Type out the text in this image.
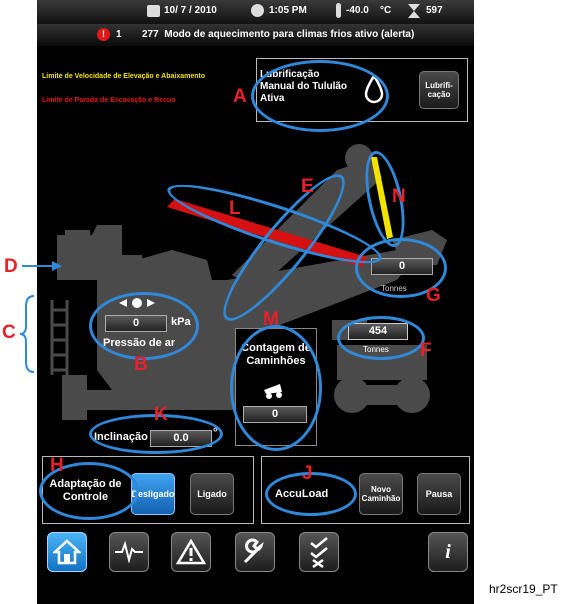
10/ 7 / 2010	1:05 PM	-40.0 °C	597
!	1 277  Modo de aquecimento para climas frios ativo (alerta)
Limite de Velocidade de Elevação e Abaixamento
Limite de Parada de Escavação e Recuo
Lubrificação Manual do Tululão Ativa
Lubrifi-cação
0
Tonnes
0	kPa
Pressão de ar
454
Tonnes
Contagem de Caminhões
0
Inclinação	0.0	°
Adaptação de Controle	Desligado	Ligado	AccuLoad	Novo Caminhão	Pausa
i
A
B
E
F
G
H	J
K
L
M
N
D
C
hr2scr19_PT
